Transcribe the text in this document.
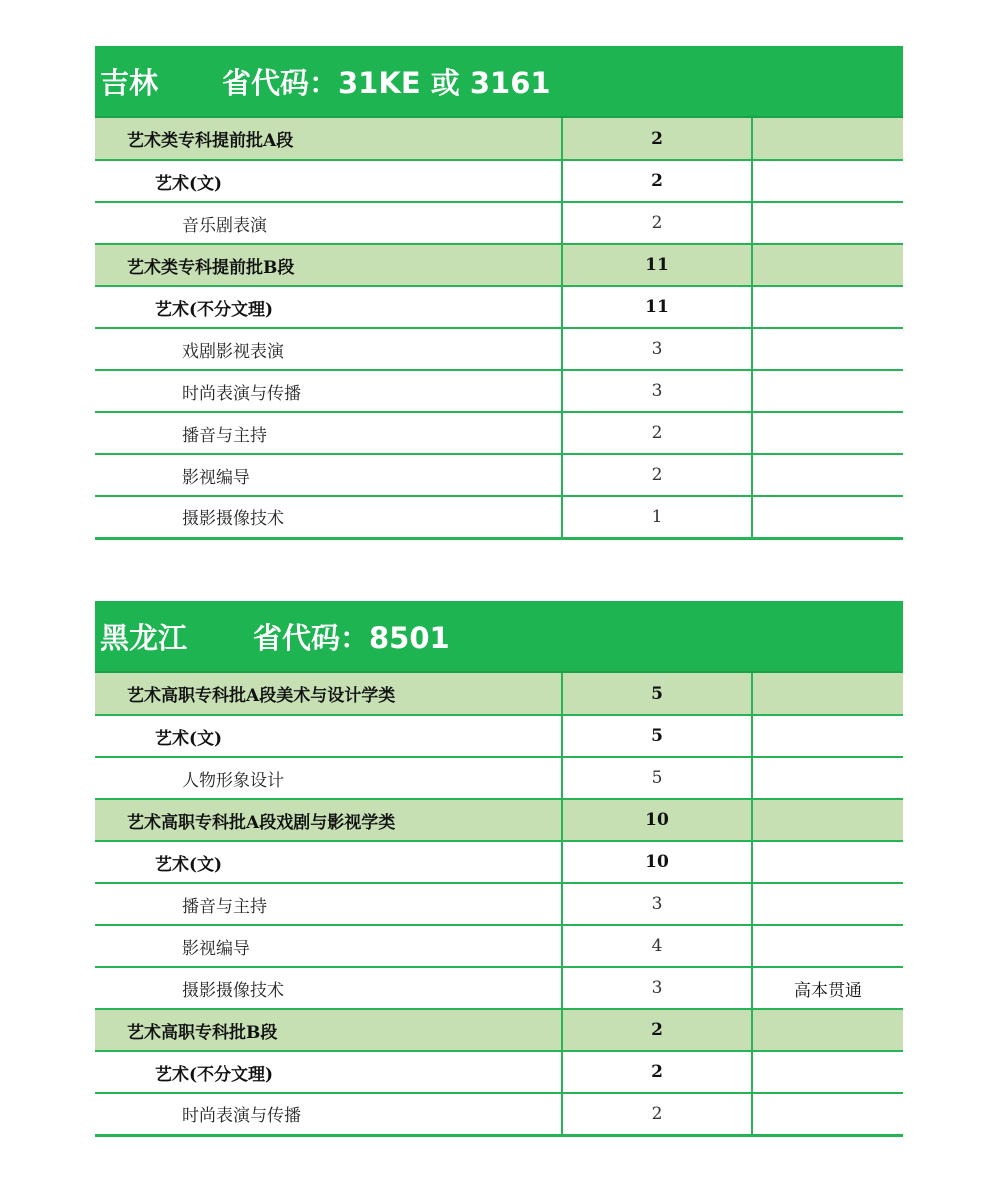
吉林	省代码：31KE 或 3161
艺术类专科提前批A段	2	
艺术(文)	2	
音乐剧表演	2	
艺术类专科提前批B段	11	
艺术(不分文理)	11	
戏剧影视表演	3	
时尚表演与传播	3	
播音与主持	2	
影视编导	2	
摄影摄像技术	1	
黑龙江	省代码：8501
艺术高职专科批A段美术与设计学类	5	
艺术(文)	5	
人物形象设计	5	
艺术高职专科批A段戏剧与影视学类	10	
艺术(文)	10	
播音与主持	3	
影视编导	4	
摄影摄像技术	3	高本贯通
艺术高职专科批B段	2	
艺术(不分文理)	2	
时尚表演与传播	2	
